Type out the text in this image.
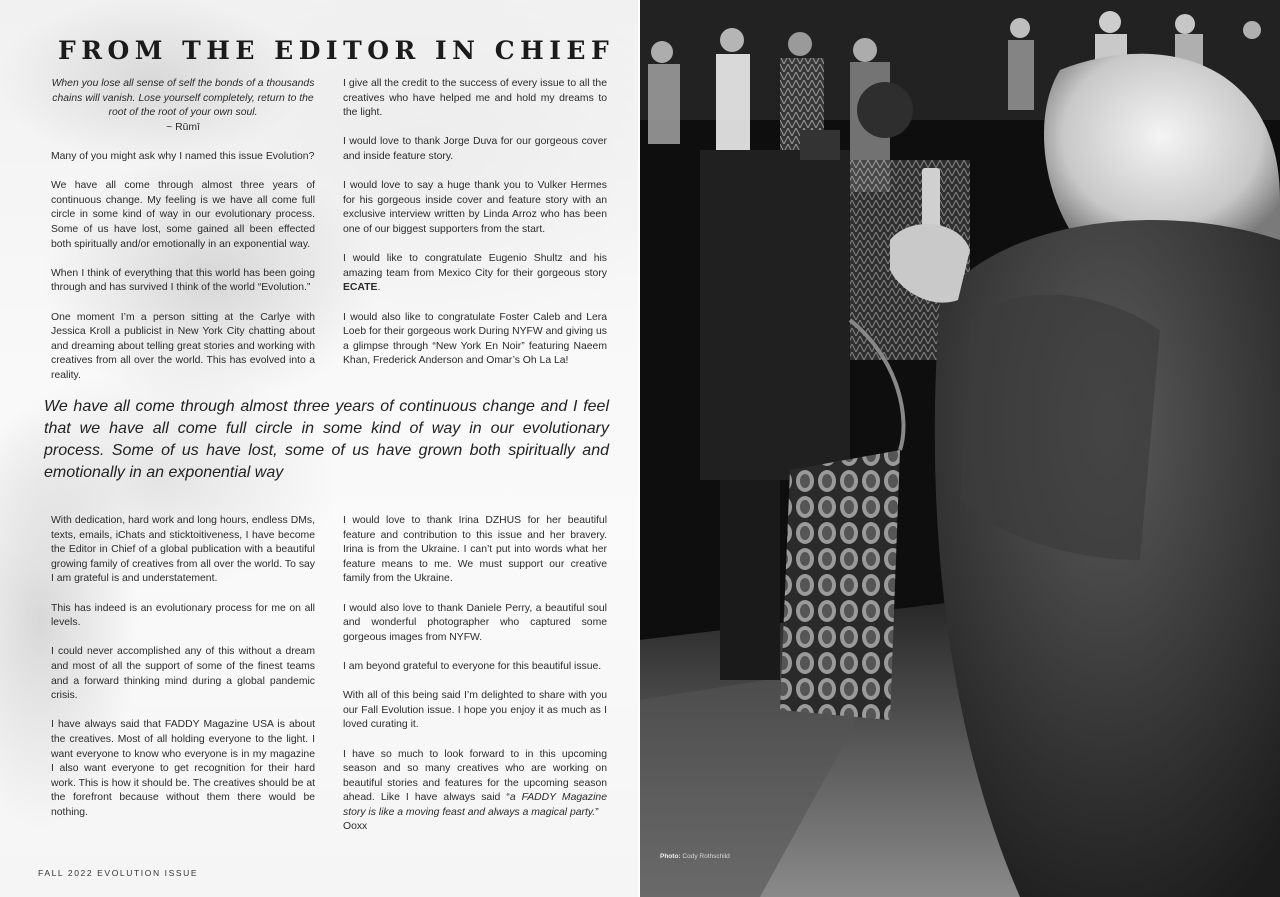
FROM THE EDITOR IN CHIEF
When you lose all sense of self the bonds of a thousands chains will vanish. Lose yourself completely, return to the root of the root of your own soul.
~ Rūmī

Many of you might ask why I named this issue Evolution?

We have all come through almost three years of continuous change. My feeling is we have all come full circle in some kind of way in our evolutionary process. Some of us have lost, some gained all been effected both spiritually and/or emotionally in an exponential way.

When I think of everything that this world has been going through and has survived I think of the world “Evolution.”

One moment I’m a person sitting at the Carlye with Jessica Kroll a publicist in New York City chatting about and dreaming about telling great stories and working with creatives from all over the world. This has evolved into a reality.

I give all the credit to the success of every issue to all the creatives who have helped me and hold my dreams to the light.

I would love to thank Jorge Duva for our gorgeous cover and inside feature story.

I would love to say a huge thank you to Vulker Hermes for his gorgeous inside cover and feature story with an exclusive interview written by Linda Arroz who has been one of our biggest supporters from the start.

I would like to congratulate Eugenio Shultz and his amazing team from Mexico City for their gorgeous story ECATE.

I would also like to congratulate Foster Caleb and Lera Loeb for their gorgeous work During NYFW and giving us a glimpse through “New York En Noir” featuring Naeem Khan, Frederick Anderson and Omar’s Oh La La!

We have all come through almost three years of continuous change and I feel that we have all come full circle in some kind of way in our evolutionary process. Some of us have lost, some of us have grown both spiritually and emotionally in an exponential way

With dedication, hard work and long hours, endless DMs, texts, emails, iChats and sticktoitiveness, I have become the Editor in Chief of a global publication with a beautiful growing family of creatives from all over the world. To say I am grateful is and understatement.

This has indeed is an evolutionary process for me on all levels.

I could never accomplished any of this without a dream and most of all the support of some of the finest teams and a forward thinking mind during a global pandemic crisis.

I have always said that FADDY Magazine USA is about the creatives. Most of all holding everyone to the light. I want everyone to know who everyone is in my magazine I also want everyone to get recognition for their hard work. This is how it should be. The creatives should be at the forefront because without them there would be nothing.

I would love to thank Irina DZHUS for her beautiful feature and contribution to this issue and her bravery. Irina is from the Ukraine. I can’t put into words what her feature means to me. We must support our creative family from the Ukraine.

I would also love to thank Daniele Perry, a beautiful soul and wonderful photographer who captured some gorgeous images from NYFW.

I am beyond grateful to everyone for this beautiful issue.

With all of this being said I’m delighted to share with you our Fall Evolution issue. I hope you enjoy it as much as I loved curating it.

I have so much to look forward to in this upcoming season and so many creatives who are working on beautiful stories and features for the upcoming season ahead. Like I have always said “a FADDY Magazine story is like a moving feast and always a magical party.”

Ooxx
FALL 2022 EVOLUTION ISSUE
Photo: Cody Rothschild
